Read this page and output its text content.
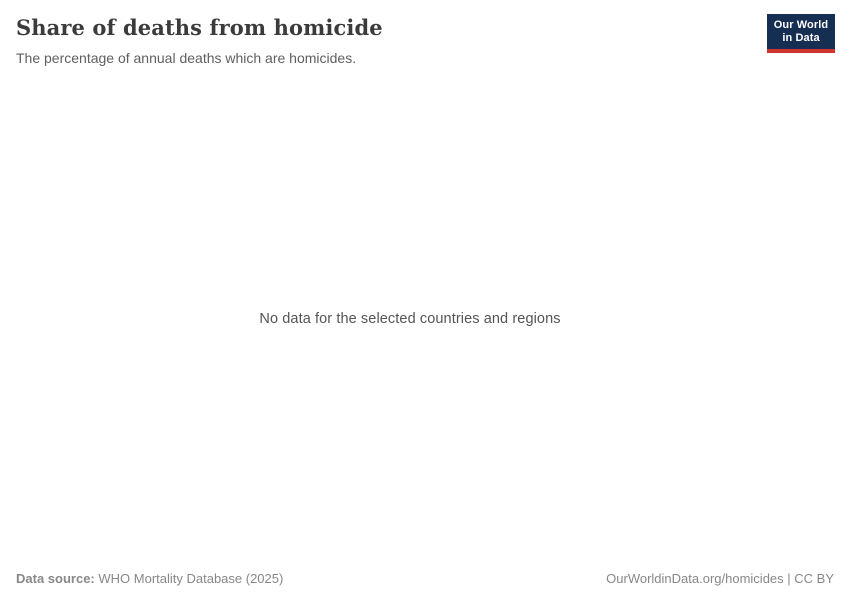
Share of deaths from homicide

The percentage of annual deaths which are homicides.

Our World
in Data
No data for the selected countries and regions
Data source: WHO Mortality Database (2025)	OurWorldinData.org/homicides | CC BY
